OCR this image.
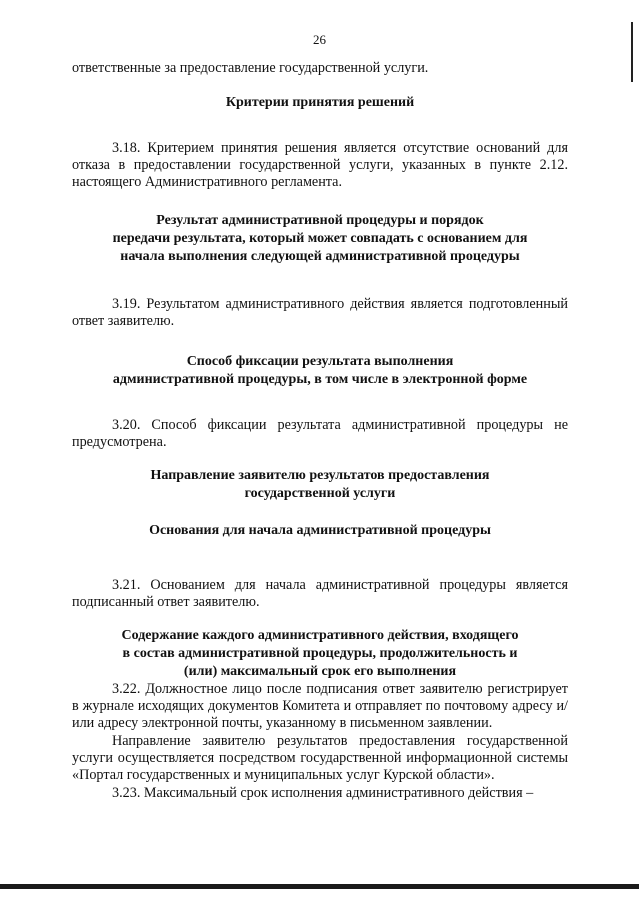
26

ответственные за предоставление государственной услуги.

Критерии принятия решений

3.18. Критерием принятия решения является отсутствие оснований для отказа в предоставлении государственной услуги, указанных в пункте 2.12. настоящего Административного регламента.

Результат административной процедуры и порядок
передачи результата, который может совпадать с основанием для
начала выполнения следующей административной процедуры

3.19. Результатом административного действия является подготовленный ответ заявителю.

Способ фиксации результата выполнения
административной процедуры, в том числе в электронной форме

3.20. Способ фиксации результата административной процедуры не предусмотрена.

Направление заявителю результатов предоставления
государственной услуги
Основания для начала административной процедуры

3.21. Основанием для начала административной процедуры является подписанный ответ заявителю.

Содержание каждого административного действия, входящего
в состав административной процедуры, продолжительность и
(или) максимальный срок его выполнения

3.22. Должностное лицо после подписания ответ заявителю регистрирует в журнале исходящих документов Комитета и отправляет по почтовому адресу и/или адресу электронной почты, указанному в письменном заявлении.

Направление заявителю результатов предоставления государственной услуги осуществляется посредством государственной информационной системы «Портал государственных и муниципальных услуг Курской области».

3.23. Максимальный срок исполнения административного действия –
